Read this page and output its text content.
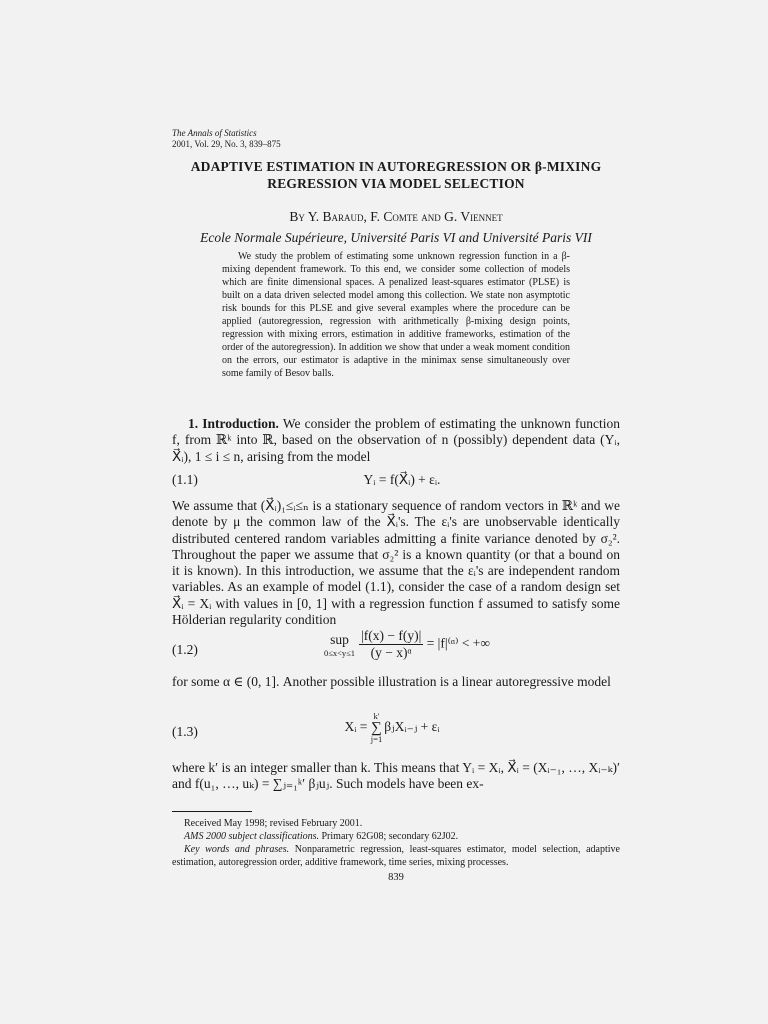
The Annals of Statistics
2001, Vol. 29, No. 3, 839–875
ADAPTIVE ESTIMATION IN AUTOREGRESSION OR β-MIXING
REGRESSION VIA MODEL SELECTION
By Y. Baraud, F. Comte and G. Viennet
Ecole Normale Supérieure, Université Paris VI and Université Paris VII
We study the problem of estimating some unknown regression function in a β-mixing dependent framework. To this end, we consider some collection of models which are finite dimensional spaces. A penalized least-squares estimator (PLSE) is built on a data driven selected model among this collection. We state non asymptotic risk bounds for this PLSE and give several examples where the procedure can be applied (autoregression, regression with arithmetically β-mixing design points, regression with mixing errors, estimation in additive frameworks, estimation of the order of the autoregression). In addition we show that under a weak moment condition on the errors, our estimator is adaptive in the minimax sense simultaneously over some family of Besov balls.
1. Introduction. We consider the problem of estimating the unknown function f, from ℝᵏ into ℝ, based on the observation of n (possibly) dependent data (Yᵢ, X⃗ᵢ), 1 ≤ i ≤ n, arising from the model
(1.1)	Yᵢ = f(X⃗ᵢ) + εᵢ.
We assume that (X⃗ᵢ)₁≤ᵢ≤ₙ is a stationary sequence of random vectors in ℝᵏ and we denote by μ the common law of the X⃗ᵢ's. The εᵢ's are unobservable identically distributed centered random variables admitting a finite variance denoted by σ₂². Throughout the paper we assume that σ₂² is a known quantity (or that a bound on it is known). In this introduction, we assume that the εᵢ's are independent random variables. As an example of model (1.1), consider the case of a random design set X⃗ᵢ = Xᵢ with values in [0, 1] with a regression function f assumed to satisfy some Hölderian regularity condition
(1.2)
sup
$0\le x<y\le 1 \frac{|f(x) - f(y)|}{\text{(y − x)ᵅ}}$ = |f|⁽ᵅ⁾ < +∞
for some α ∈ (0, 1]. Another possible illustration is a linear autoregressive model
(1.3)	Xᵢ =
k′
∑
j=1
βⱼXᵢ₋ⱼ + εᵢ
where k′ is an integer smaller than k. This means that Yᵢ = Xᵢ, X⃗ᵢ = (Xᵢ₋₁, …, Xᵢ₋ₖ)′ and f(u₁, …, uₖ) = ∑ⱼ₌₁ᵏ′ βⱼuⱼ. Such models have been ex-

Received May 1998; revised February 2001.

AMS 2000 subject classifications. Primary 62G08; secondary 62J02.

Key words and phrases. Nonparametric regression, least-squares estimator, model selection, adaptive estimation, autoregression order, additive framework, time series, mixing processes.

839
